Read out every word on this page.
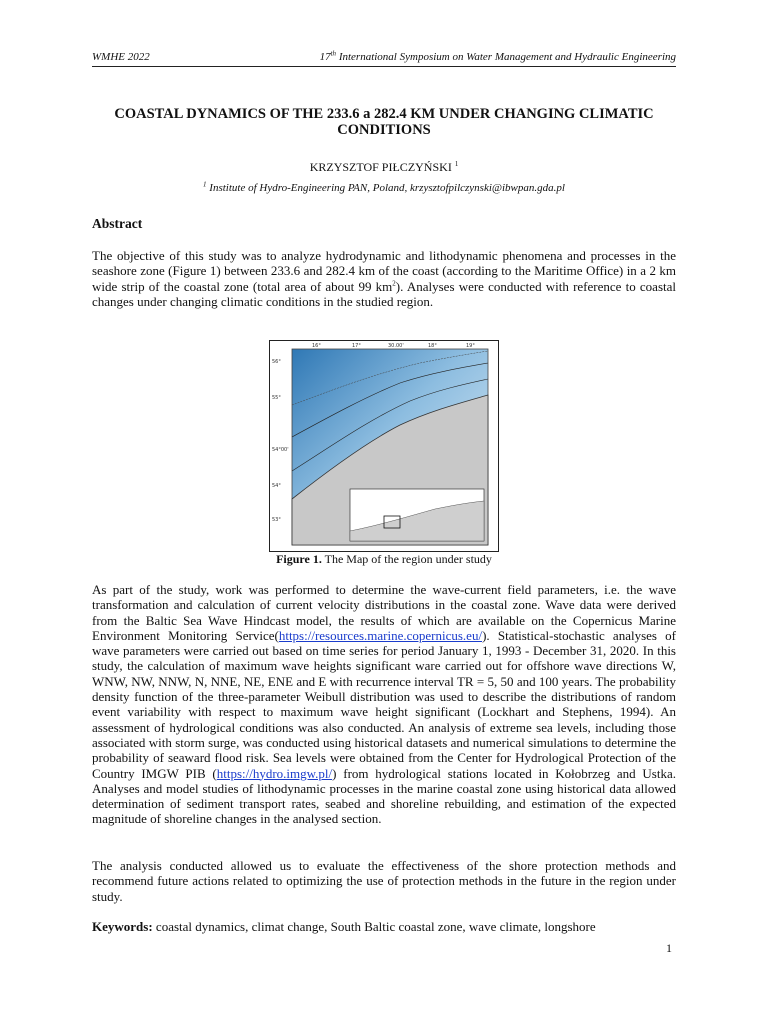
WMHE 2022	17th International Symposium on Water Management and Hydraulic Engineering
COASTAL DYNAMICS OF THE 233.6 a 282.4 KM UNDER CHANGING CLIMATIC CONDITIONS
KRZYSZTOF PIŁCZYŃSKI $^1$
$^1$ Institute of Hydro-Engineering PAN, Poland, krzysztofpilczynski@ibwpan.gda.pl
Abstract
The objective of this study was to analyze hydrodynamic and lithodynamic phenomena and processes in the seashore zone (Figure 1) between 233.6 and 282.4 km of the coast (according to the Maritime Office) in a 2 km wide strip of the coastal zone (total area of about 99 $km^2$). Analyses were conducted with reference to coastal changes under changing climatic conditions in the studied region.
16°	17°	30.00'	18°	19°
56°
55°
54°00'
54°
53°
Figure 1. The Map of the region under study
As part of the study, work was performed to determine the wave-current field parameters, i.e. the wave transformation and calculation of current velocity distributions in the coastal zone. Wave data were derived from the Baltic Sea Wave Hindcast model, the results of which are available on the Copernicus Marine Environment Monitoring Service(https://resources.marine.copernicus.eu/). Statistical-stochastic analyses of wave parameters were carried out based on time series for period January 1, 1993 - December 31, 2020. In this study, the calculation of maximum wave heights significant ware carried out for offshore wave directions W, WNW, NW, NNW, N, NNE, NE, ENE and E with recurrence interval TR = 5, 50 and 100 years. The probability density function of the three-parameter Weibull distribution was used to describe the distributions of random event variability with respect to maximum wave height significant (Lockhart and Stephens, 1994). An assessment of hydrological conditions was also conducted. An analysis of extreme sea levels, including those associated with storm surge, was conducted using historical datasets and numerical simulations to determine the probability of seaward flood risk. Sea levels were obtained from the Center for Hydrological Protection of the Country IMGW PIB (https://hydro.imgw.pl/) from hydrological stations located in Kołobrzeg and Ustka. Analyses and model studies of lithodynamic processes in the marine coastal zone using historical data allowed determination of sediment transport rates, seabed and shoreline rebuilding, and estimation of the expected magnitude of shoreline changes in the analysed section.
The analysis conducted allowed us to evaluate the effectiveness of the shore protection methods and recommend future actions related to optimizing the use of protection methods in the future in the region under study.
Keywords: coastal dynamics, climat change, South Baltic coastal zone, wave climate, longshore
1
